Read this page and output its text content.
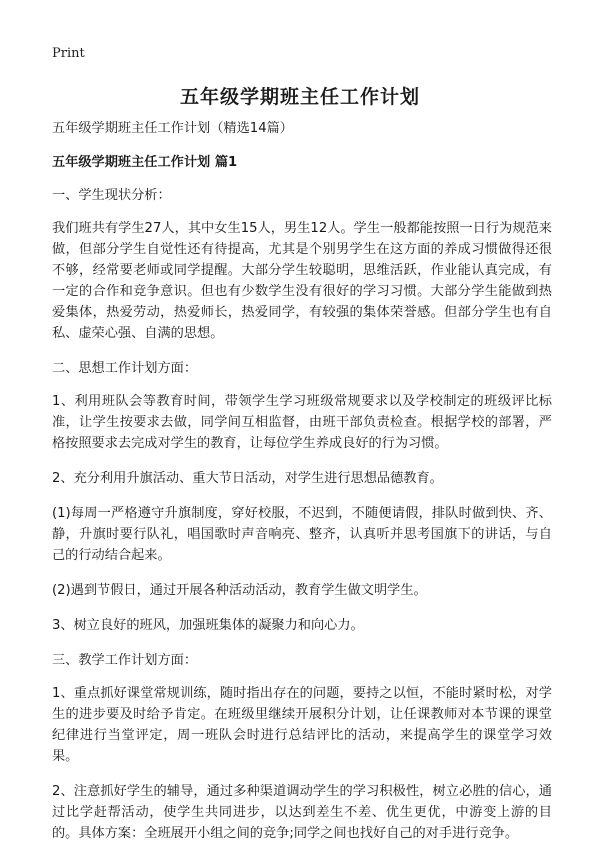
Print
五年级学期班主任工作计划

五年级学期班主任工作计划（精选14篇）

五年级学期班主任工作计划 篇1

一、学生现状分析：

我们班共有学生27人，其中女生15人，男生12人。学生一般都能按照一日行为规范来做，但部分学生自觉性还有待提高，尤其是个别男学生在这方面的养成习惯做得还很不够，经常要老师或同学提醒。大部分学生较聪明，思维活跃，作业能认真完成，有一定的合作和竞争意识。但也有少数学生没有很好的学习习惯。大部分学生能做到热爱集体，热爱劳动，热爱师长，热爱同学，有较强的集体荣誉感。但部分学生也有自私、虚荣心强、自满的思想。

二、思想工作计划方面：

1、利用班队会等教育时间，带领学生学习班级常规要求以及学校制定的班级评比标准，让学生按要求去做，同学间互相监督，由班干部负责检查。根据学校的部署，严格按照要求去完成对学生的教育，让每位学生养成良好的行为习惯。

2、充分利用升旗活动、重大节日活动，对学生进行思想品德教育。

(1)每周一严格遵守升旗制度，穿好校服，不迟到，不随便请假，排队时做到快、齐、静，升旗时要行队礼，唱国歌时声音响亮、整齐，认真听并思考国旗下的讲话，与自己的行动结合起来。

(2)遇到节假日，通过开展各种活动活动，教育学生做文明学生。

3、树立良好的班风，加强班集体的凝聚力和向心力。

三、教学工作计划方面：

1、重点抓好课堂常规训练，随时指出存在的问题，要持之以恒，不能时紧时松，对学生的进步要及时给予肯定。在班级里继续开展积分计划，让任课教师对本节课的课堂纪律进行当堂评定，周一班队会时进行总结评比的活动，来提高学生的课堂学习效果。

2、注意抓好学生的辅导，通过多种渠道调动学生的学习积极性，树立必胜的信心，通过比学赶帮活动，使学生共同进步，以达到差生不差、优生更优，中游变上游的目的。具体方案：全班展开小组之间的竞争;同学之间也找好自己的对手进行竞争。
